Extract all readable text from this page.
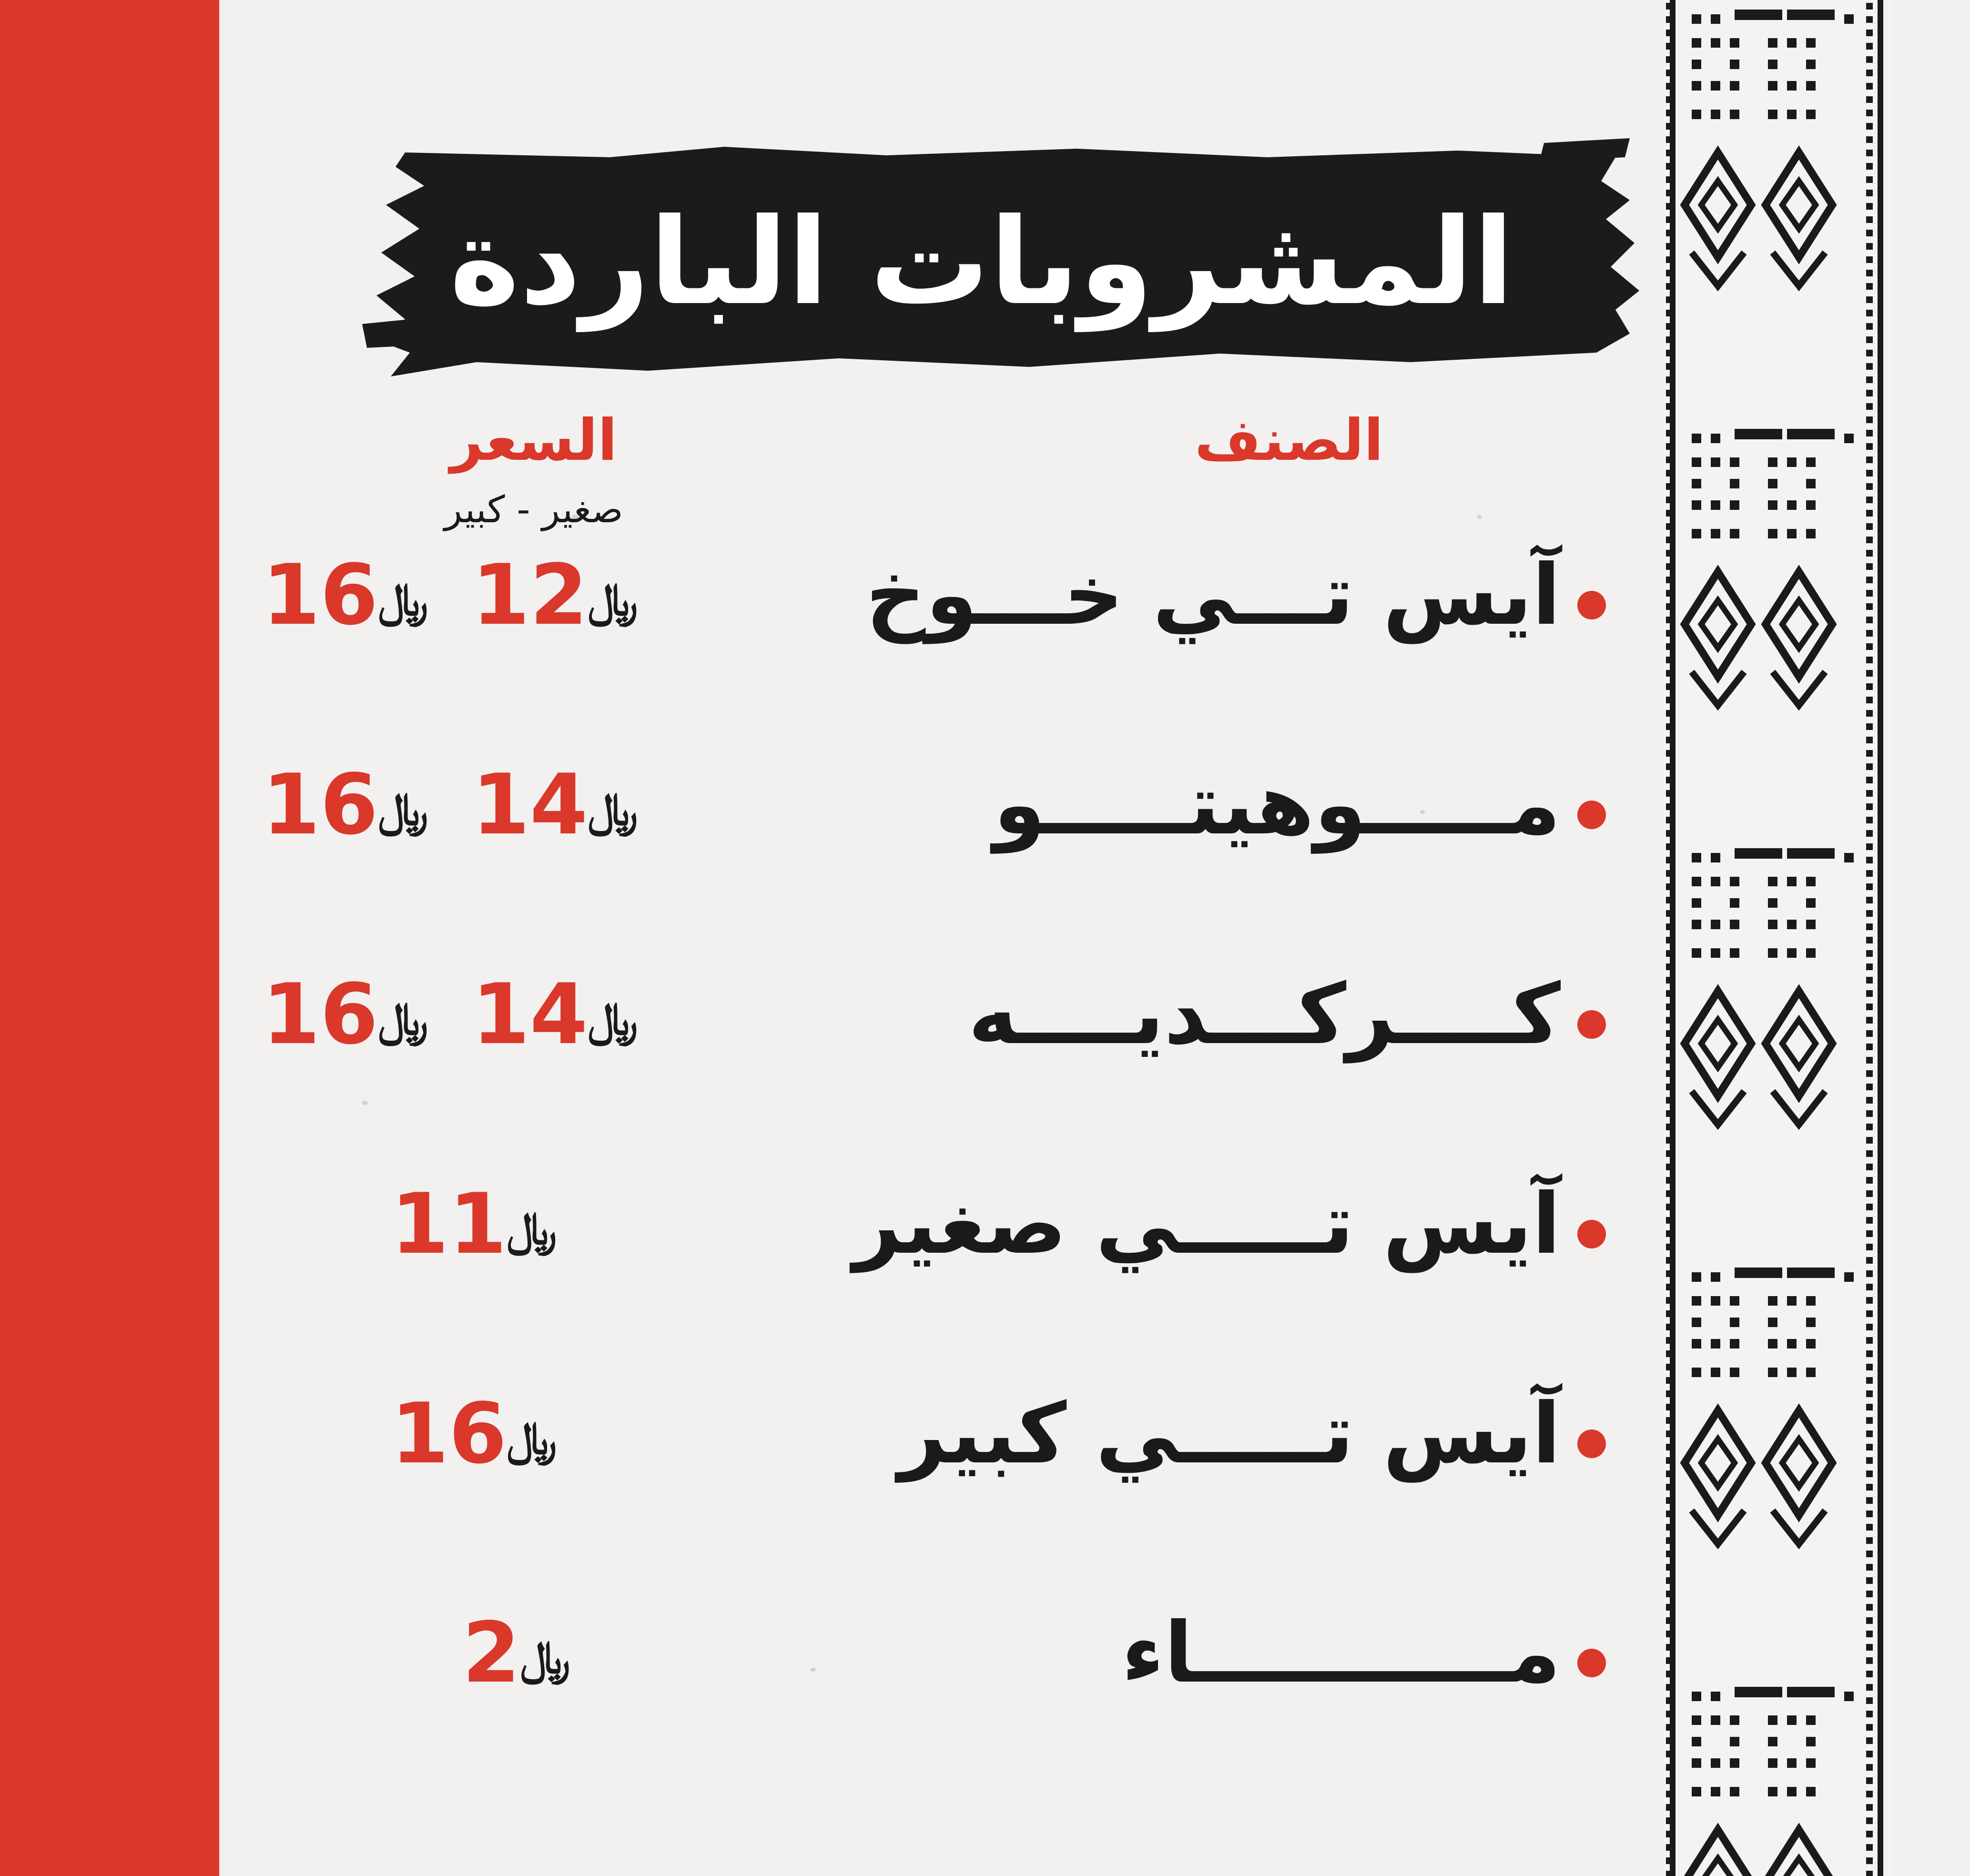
المشروبات الباردة
الصنف
السعر
صغير - كبير
آيس تـــي خـــوخ
﷼12
﷼16
مـــــوهيتـــــو
﷼14
﷼16
كــــركـــديــــه
﷼14
﷼16
آيس تـــــي صغير
﷼11
آيس تـــــي كبير
﷼16
مـــــــــــاء
﷼2
